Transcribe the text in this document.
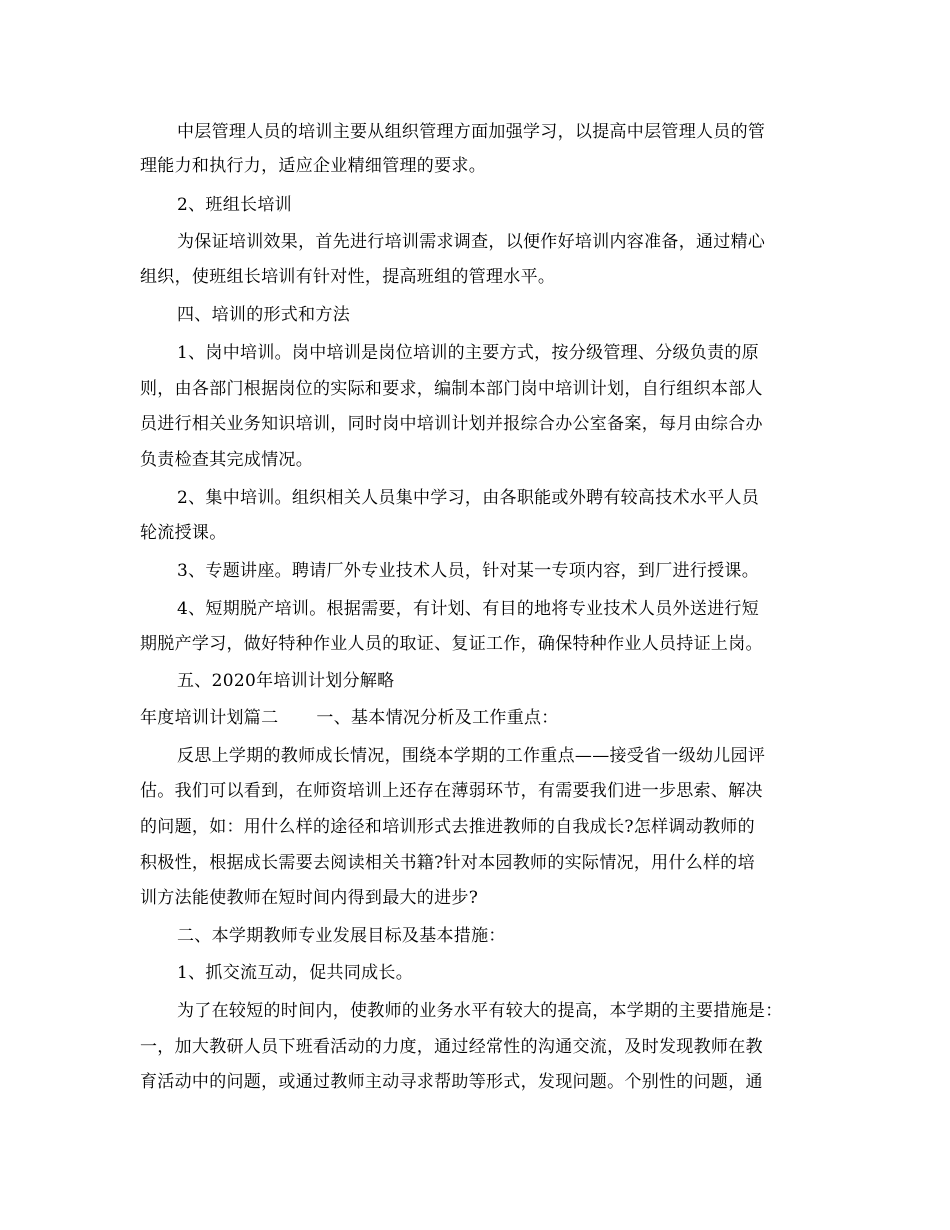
中层管理人员的培训主要从组织管理方面加强学习，以提高中层管理人员的管
理能力和执行力，适应企业精细管理的要求。
2、班组长培训
为保证培训效果，首先进行培训需求调查，以便作好培训内容准备，通过精心
组织，使班组长培训有针对性，提高班组的管理水平。
四、培训的形式和方法
1、岗中培训。岗中培训是岗位培训的主要方式，按分级管理、分级负责的原
则，由各部门根据岗位的实际和要求，编制本部门岗中培训计划，自行组织本部人
员进行相关业务知识培训，同时岗中培训计划并报综合办公室备案，每月由综合办
负责检查其完成情况。
2、集中培训。组织相关人员集中学习，由各职能或外聘有较高技术水平人员
轮流授课。
3、专题讲座。聘请厂外专业技术人员，针对某一专项内容，到厂进行授课。
4、短期脱产培训。根据需要，有计划、有目的地将专业技术人员外送进行短
期脱产学习，做好特种作业人员的取证、复证工作，确保特种作业人员持证上岗。
五、2020年培训计划分解略
年度培训计划篇二 一、基本情况分析及工作重点：
反思上学期的教师成长情况，围绕本学期的工作重点——接受省一级幼儿园评
估。我们可以看到，在师资培训上还存在薄弱环节，有需要我们进一步思索、解决
的问题，如：用什么样的途径和培训形式去推进教师的自我成长?怎样调动教师的
积极性，根据成长需要去阅读相关书籍?针对本园教师的实际情况，用什么样的培
训方法能使教师在短时间内得到最大的进步?
二、本学期教师专业发展目标及基本措施：
1、抓交流互动，促共同成长。
为了在较短的时间内，使教师的业务水平有较大的提高，本学期的主要措施是：
一，加大教研人员下班看活动的力度，通过经常性的沟通交流，及时发现教师在教
育活动中的问题，或通过教师主动寻求帮助等形式，发现问题。个别性的问题，通
